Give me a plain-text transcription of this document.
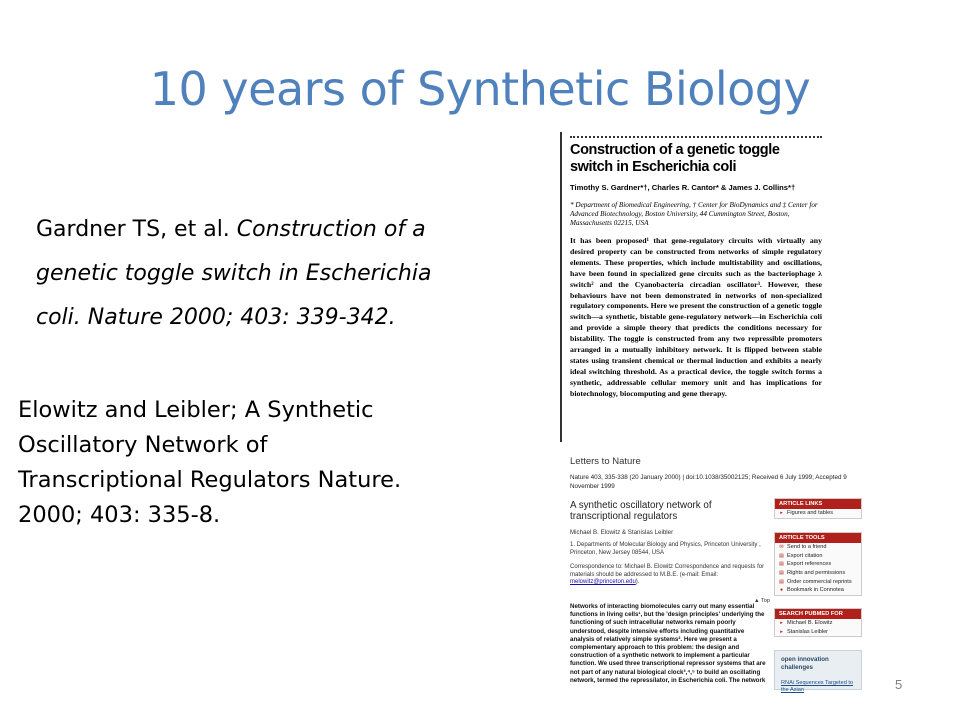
10 years of Synthetic Biology
Gardner TS, et al. Construction of a genetic toggle switch in Escherichia coli. Nature 2000; 403: 339-342.
Elowitz and Leibler; A Synthetic
Oscillatory Network of
Transcriptional Regulators Nature.
2000; 403: 335-8.
Construction of a genetic toggle
switch in Escherichia coli
Timothy S. Gardner*†, Charles R. Cantor* & James J. Collins*†
* Department of Biomedical Engineering, † Center for BioDynamics and ‡ Center for Advanced Biotechnology, Boston University, 44 Cummington Street, Boston, Massachusetts 02215, USA
It has been proposed¹ that gene-regulatory circuits with virtually any desired property can be constructed from networks of simple regulatory elements. These properties, which include multistability and oscillations, have been found in specialized gene circuits such as the bacteriophage λ switch² and the Cyanobacteria circadian oscillator³. However, these behaviours have not been demonstrated in networks of non-specialized regulatory components. Here we present the construction of a genetic toggle switch—a synthetic, bistable gene-regulatory network—in Escherichia coli and provide a simple theory that predicts the conditions necessary for bistability. The toggle is constructed from any two repressible promoters arranged in a mutually inhibitory network. It is flipped between stable states using transient chemical or thermal induction and exhibits a nearly ideal switching threshold. As a practical device, the toggle switch forms a synthetic, addressable cellular memory unit and has implications for biotechnology, biocomputing and gene therapy.
Letters to Nature
Nature 403, 335-338 (20 January 2000) | doi:10.1038/35002125; Received 6 July 1999; Accepted 9 November 1999
A synthetic oscillatory network of transcriptional regulators
Michael B. Elowitz & Stanislas Leibler
1. Departments of Molecular Biology and Physics, Princeton University , Princeton, New Jersey 08544, USA
Correspondence to: Michael B. Elowitz Correspondence and requests for materials should be addressed to M.B.E. (e-mail: Email: melowitz@princeton.edu).
▲ Top
Networks of interacting biomolecules carry out many essential functions in living cells¹, but the 'design principles' underlying the functioning of such intracellular networks remain poorly understood, despite intensive efforts including quantitative analysis of relatively simple systems². Here we present a complementary approach to this problem: the design and construction of a synthetic network to implement a particular function. We used three transcriptional repressor systems that are not part of any natural biological clock³,⁴,⁵ to build an oscillating network, termed the repressilator, in Escherichia coli. The network
ARTICLE LINKS
▸ Figures and tables
ARTICLE TOOLS
✉ Send to a friend
▤ Export citation
▤ Export references
▤ Rights and permissions
▤ Order commercial reprints
● Bookmark in Connotea
SEARCH PUBMED FOR
▸ Michael B. Elowitz
▸ Stanislas Leibler
open innovation challenges
RNAi Sequences Targeted to the Asian	5
